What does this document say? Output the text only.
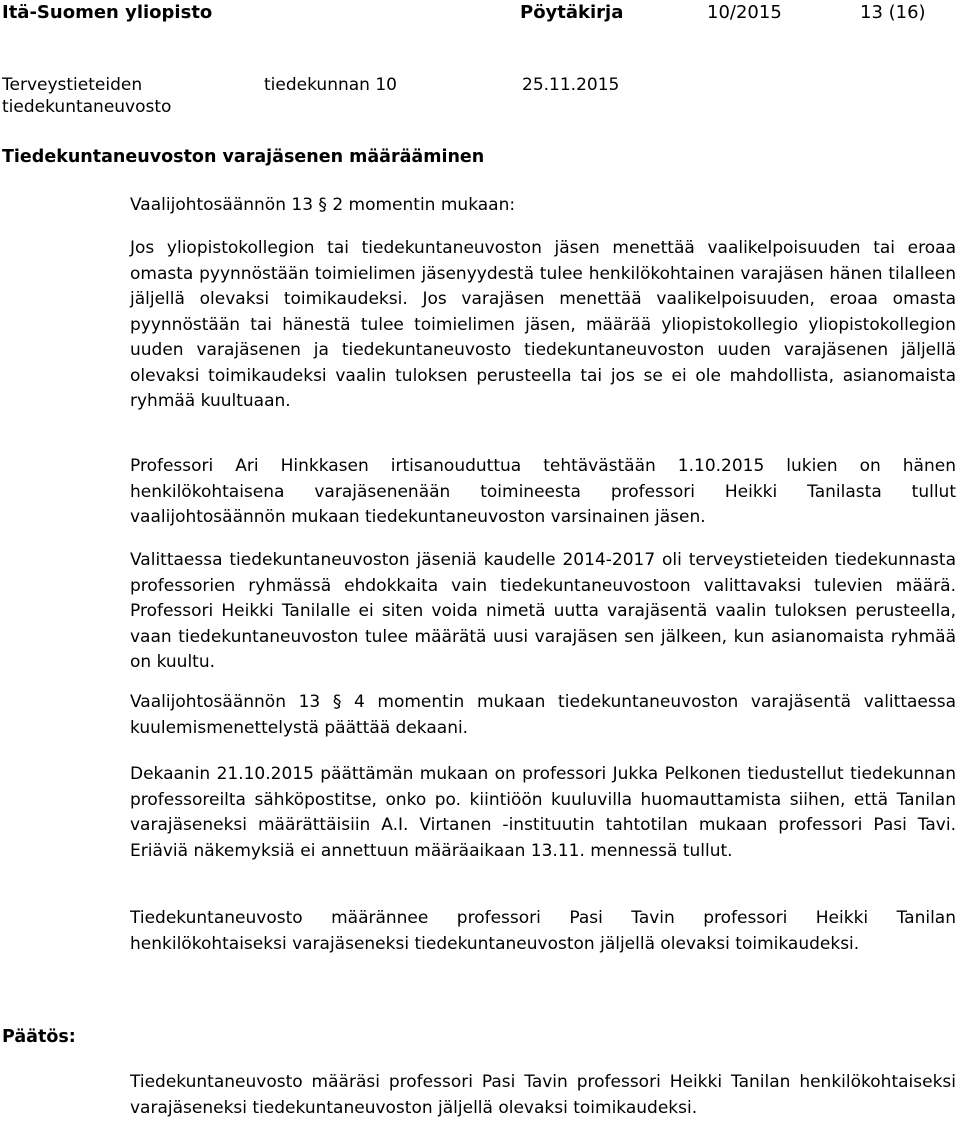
Itä-Suomen yliopisto	Pöytäkirja	10/2015	13 (16)
Terveystieteiden
tiedekuntaneuvosto
tiedekunnan 10	25.11.2015
Tiedekuntaneuvoston varajäsenen määrääminen

Vaalijohtosäännön 13 § 2 momentin mukaan:

Jos yliopistokollegion tai tiedekuntaneuvoston jäsen menettää vaalikelpoisuuden tai eroaa omasta pyynnöstään toimielimen jäsenyydestä tulee henkilökohtainen varajäsen hänen tilalleen jäljellä olevaksi toimikaudeksi. Jos varajäsen menettää vaalikelpoisuuden, eroaa omasta pyynnöstään tai hänestä tulee toimielimen jäsen, määrää yliopistokollegio yliopistokollegion uuden varajäsenen ja tiedekuntaneuvosto tiedekuntaneuvoston uuden varajäsenen jäljellä olevaksi toimikaudeksi vaalin tuloksen perusteella tai jos se ei ole mahdollista, asianomaista ryhmää kuultuaan.

Professori Ari Hinkkasen irtisanouduttua tehtävästään 1.10.2015 lukien on hänen henkilökohtaisena varajäsenenään toimineesta professori Heikki Tanilasta tullut vaalijohtosäännön mukaan tiedekuntaneuvoston varsinainen jäsen.

Valittaessa tiedekuntaneuvoston jäseniä kaudelle 2014-2017 oli terveystieteiden tiedekunnasta professorien ryhmässä ehdokkaita vain tiedekuntaneuvostoon valittavaksi tulevien määrä. Professori Heikki Tanilalle ei siten voida nimetä uutta varajäsentä vaalin tuloksen perusteella, vaan tiedekuntaneuvoston tulee määrätä uusi varajäsen sen jälkeen, kun asianomaista ryhmää on kuultu.

Vaalijohtosäännön 13 § 4 momentin mukaan tiedekuntaneuvoston varajäsentä valittaessa kuulemismenettelystä päättää dekaani.

Dekaanin 21.10.2015 päättämän mukaan on professori Jukka Pelkonen tiedustellut tiedekunnan professoreilta sähköpostitse, onko po. kiintiöön kuuluvilla huomauttamista siihen, että Tanilan varajäseneksi määrättäisiin A.I. Virtanen -instituutin tahtotilan mukaan professori Pasi Tavi. Eriäviä näkemyksiä ei annettuun määräaikaan 13.11. mennessä tullut.

Tiedekuntaneuvosto määrännee professori Pasi Tavin professori Heikki Tanilan henkilökohtaiseksi varajäseneksi tiedekuntaneuvoston jäljellä olevaksi toimikaudeksi.

Päätös:

Tiedekuntaneuvosto määräsi professori Pasi Tavin professori Heikki Tanilan henkilökohtaiseksi varajäseneksi tiedekuntaneuvoston jäljellä olevaksi toimikaudeksi.
